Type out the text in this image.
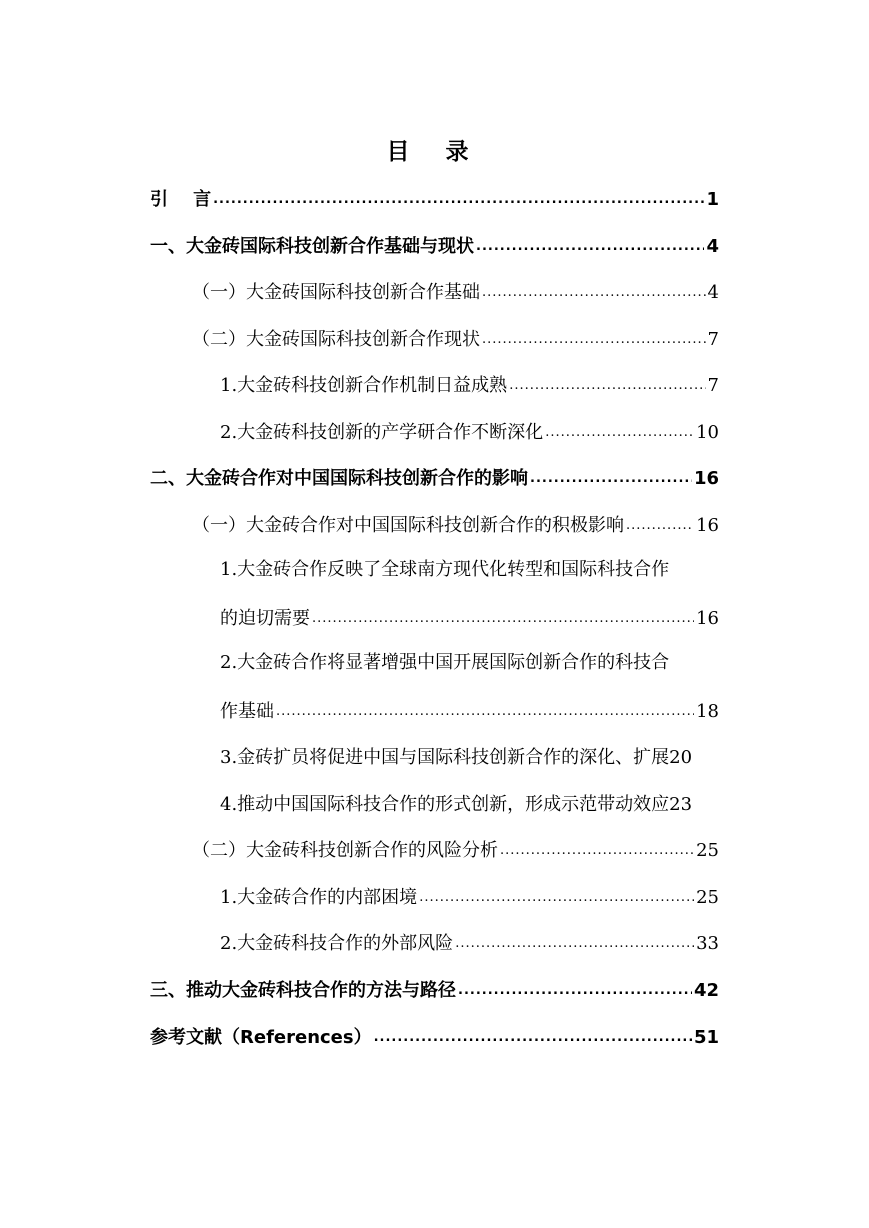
目 录
引    言 .....	1
一、大金砖国际科技创新合作基础与现状 .....	4
（一）大金砖国际科技创新合作基础 .....	4
（二）大金砖国际科技创新合作现状 .....	7
1.大金砖科技创新合作机制日益成熟 .....	7
2.大金砖科技创新的产学研合作不断深化 .....	10
二、大金砖合作对中国国际科技创新合作的影响 .....	16
（一）大金砖合作对中国国际科技创新合作的积极影响 .....	16
1.大金砖合作反映了全球南方现代化转型和国际科技合作
的迫切需要 .....	16
2.大金砖合作将显著增强中国开展国际创新合作的科技合
作基础 .....	18
3.金砖扩员将促进中国与国际科技创新合作的深化、扩展 20
4.推动中国国际科技合作的形式创新，形成示范带动效应 23
（二）大金砖科技创新合作的风险分析 .....	25
1.大金砖合作的内部困境 .....	25
2.大金砖科技合作的外部风险 .....	33
三、推动大金砖科技合作的方法与路径 .....	42
参考文献（References） .....	51
